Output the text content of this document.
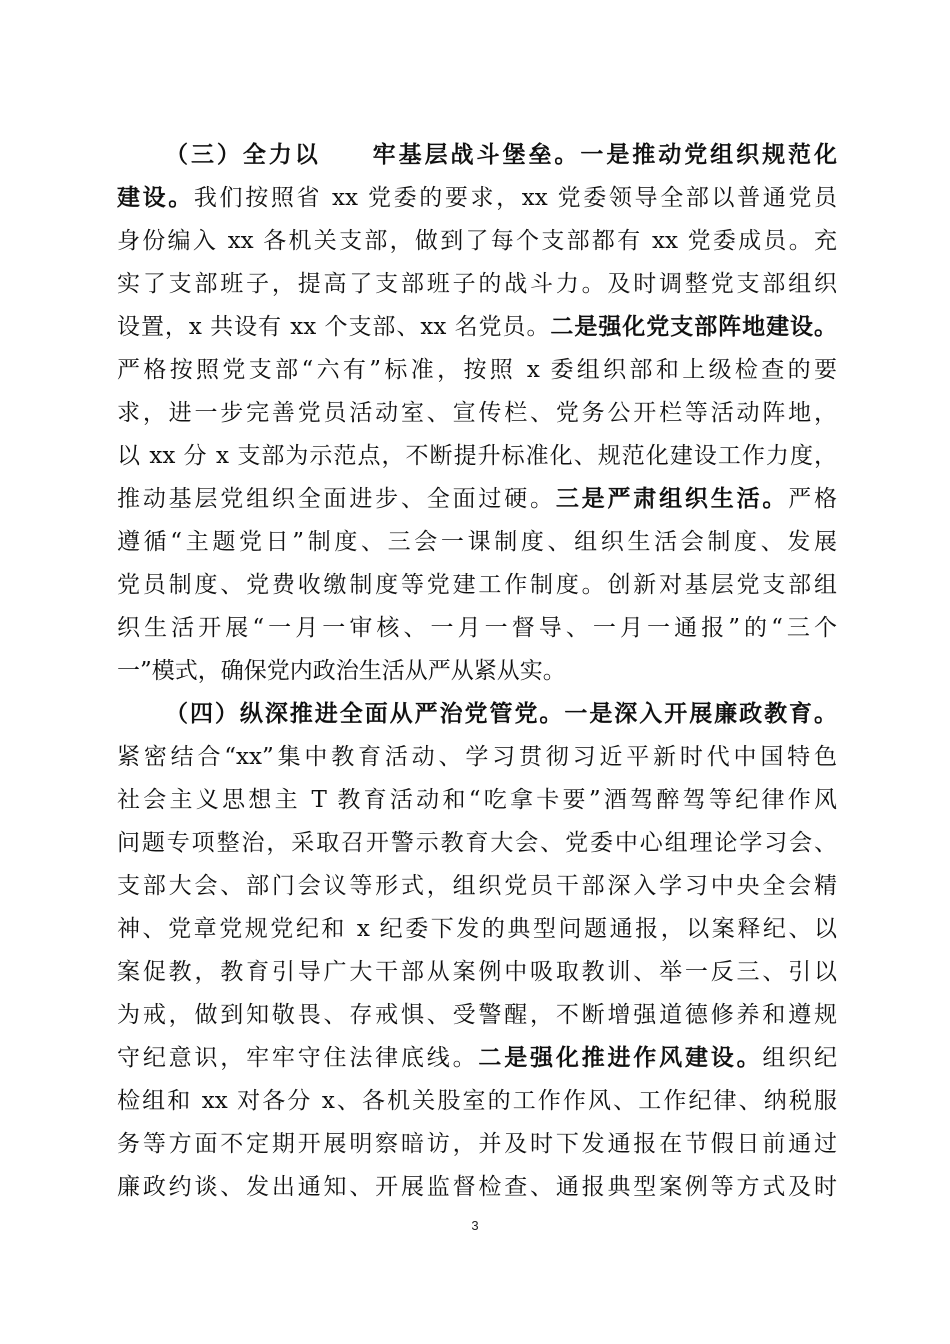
（三）全力以　　牢基层战斗堡垒。一是推动党组织规范化
建设。我们按照省 xx 党委的要求，xx 党委领导全部以普通党员
身份编入 xx 各机关支部，做到了每个支部都有 xx 党委成员。充
实了支部班子，提高了支部班子的战斗力。及时调整党支部组织
设置，x 共设有 xx 个支部、xx 名党员。二是强化党支部阵地建设。
严格按照党支部“六有”标准，按照 x 委组织部和上级检查的要
求，进一步完善党员活动室、宣传栏、党务公开栏等活动阵地，
以 xx 分 x 支部为示范点，不断提升标准化、规范化建设工作力度，
推动基层党组织全面进步、全面过硬。三是严肃组织生活。严格
遵循“主题党日”制度、三会一课制度、组织生活会制度、发展
党员制度、党费收缴制度等党建工作制度。创新对基层党支部组
织生活开展“一月一审核、一月一督导、一月一通报”的“三个
一”模式，确保党内政治生活从严从紧从实。
（四）纵深推进全面从严治党管党。一是深入开展廉政教育。
紧密结合“xx”集中教育活动、学习贯彻习近平新时代中国特色
社会主义思想主 T 教育活动和“吃拿卡要”酒驾醉驾等纪律作风
问题专项整治，采取召开警示教育大会、党委中心组理论学习会、
支部大会、部门会议等形式，组织党员干部深入学习中央全会精
神、党章党规党纪和 x 纪委下发的典型问题通报，以案释纪、以
案促教，教育引导广大干部从案例中吸取教训、举一反三、引以
为戒，做到知敬畏、存戒惧、受警醒，不断增强道德修养和遵规
守纪意识，牢牢守住法律底线。二是强化推进作风建设。组织纪
检组和 xx 对各分 x、各机关股室的工作作风、工作纪律、纳税服
务等方面不定期开展明察暗访，并及时下发通报在节假日前通过
廉政约谈、发出通知、开展监督检查、通报典型案例等方式及时
3
